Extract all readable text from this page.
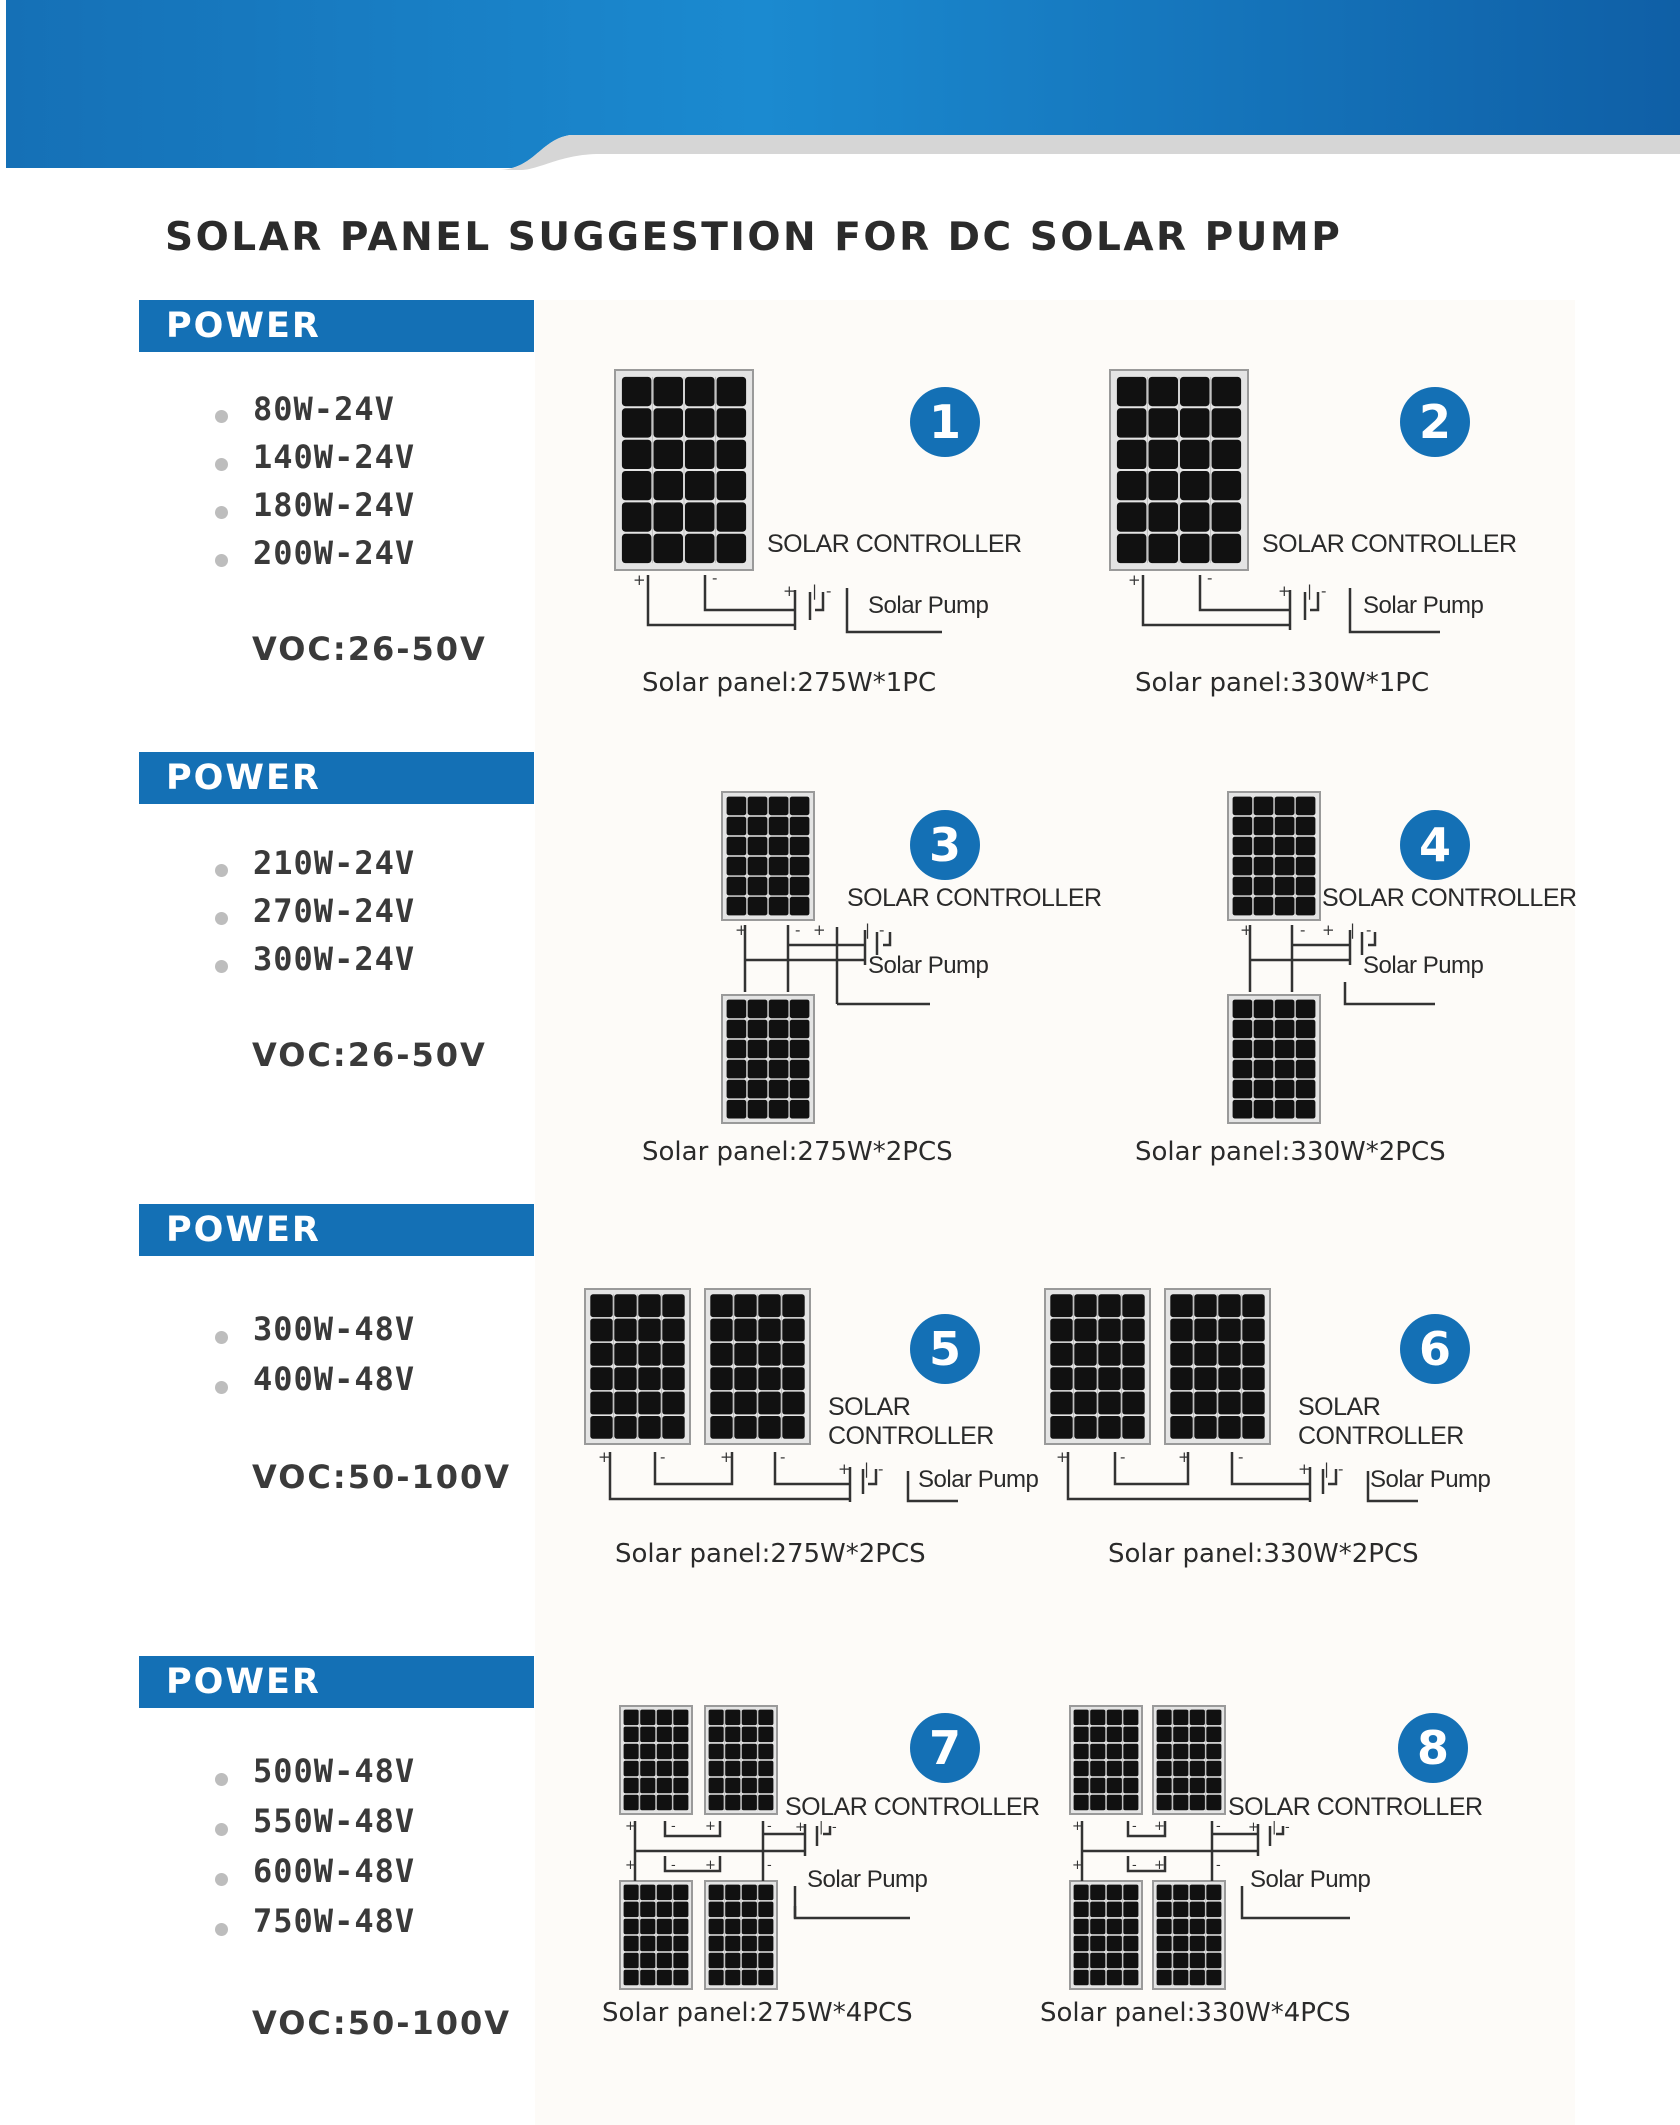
SOLAR PANEL SUGGESTION FOR DC SOLAR PUMP
POWER
80W-24V
140W-24V
180W-24V
200W-24V
VOC:26-50V
+	-
+ | -
1
SOLAR CONTROLLER
Solar Pump
Solar panel:275W*1PC
+	-
+ | -
2
SOLAR CONTROLLER
Solar Pump
Solar panel:330W*1PC
POWER
210W-24V
270W-24V
300W-24V
VOC:26-50V
+	- +	| -
3
SOLAR CONTROLLER
Solar Pump
Solar panel:275W*2PCS
+	- + | -
4
SOLAR CONTROLLER
Solar Pump
Solar panel:330W*2PCS
POWER
300W-48V
400W-48V
VOC:50-100V
+	-	+	-
+ | -
5
SOLAR
CONTROLLER
Solar Pump
Solar panel:275W*2PCS
+	-	+	-
+ | -
6
SOLAR
CONTROLLER
Solar Pump
Solar panel:330W*2PCS
POWER
500W-48V
550W-48V
600W-48V
750W-48V
VOC:50-100V
+	- +	-
+	- +	-
+ | -
7
SOLAR CONTROLLER
Solar Pump
Solar panel:275W*4PCS
+	- +	-
+	- +	-
+ | -
8
SOLAR CONTROLLER
Solar Pump
Solar panel:330W*4PCS
